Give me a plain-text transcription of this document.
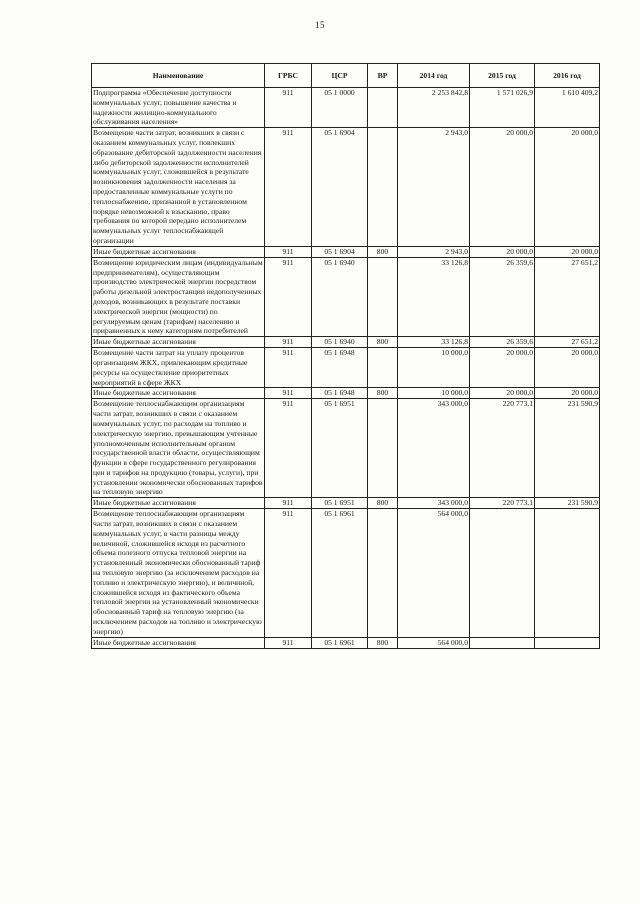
15
Наименование	ГРБС	ЦСР	ВР	2014 год	2015 год	2016 год
Подпрограмма «Обеспечение доступности коммунальных услуг, повышение качества и надежности жилищно-коммунального обслуживания населения»	911	05 1 0000		2 253 842,8	1 571 026,9	1 610 409,2
Возмещение части затрат, возникших в связи с оказанием коммунальных услуг, повлекших образование дебиторской задолженности населения либо дебиторской задолженности исполнителей коммунальных услуг, сложившейся в результате возникновения задолженности населения за предоставленные коммунальные услуги по теплоснабжению, признанной в установленном порядке невозможной к взысканию, право требования по которой передано исполнителем коммунальных услуг теплоснабжающей организации	911	05 1 6904		2 943,0	20 000,0	20 000,0
Иные бюджетные ассигнования	911	05 1 6904	800	2 943,0	20 000,0	20 000,0
Возмещение юридическим лицам (индивидуальным предпринимателям), осуществляющим производство электрической энергии посредством работы дизельной электростанции недополученных доходов, возникающих в результате поставки электрической энергии (мощности) по регулируемым ценам (тарифам) населению и приравненных к нему категориям потребителей	911	05 1 6940		33 126,8	26 359,6	27 651,2
Иные бюджетные ассигнования	911	05 1 6940	800	33 126,8	26 359,6	27 651,2
Возмещение части затрат на уплату процентов организациям ЖКХ, привлекающим кредитные ресурсы на осуществление приоритетных мероприятий в сфере ЖКХ	911	05 1 6948		10 000,0	20 000,0	20 000,0
Иные бюджетные ассигнования	911	05 1 6948	800	10 000,0	20 000,0	20 000,0
Возмещение теплоснабжающим организациям части затрат, возникших в связи с оказанием коммунальных услуг, по расходам на топливо и электрическую энергию, превышающим учтенные уполномоченным исполнительным органом государственной власти области, осуществляющим функции в сфере государственного регулирования цен и тарифов на продукцию (товары, услуги), при установлении экономически обоснованных тарифов на тепловую энергию	911	05 1 6951		343 000,0	220 773,1	231 590,9
Иные бюджетные ассигнования	911	05 1 6951	800	343 000,0	220 773,1	231 590,9
Возмещение теплоснабжающим организациям части затрат, возникших в связи с оказанием коммунальных услуг, в части разницы между величиной, сложившейся исходя из расчетного объема полезного отпуска тепловой энергии на установленный экономически обоснованный тариф на тепловую энергию (за исключением расходов на топливо и электрическую энергию), и величиной, сложившейся исходя из фактического объема тепловой энергии на установленный экономически обоснованный тариф на тепловую энергию (за исключением расходов на топливо и электрическую энергию)	911	05 1 6961		564 000,0		
Иные бюджетные ассигнования	911	05 1 6961	800	564 000,0		
